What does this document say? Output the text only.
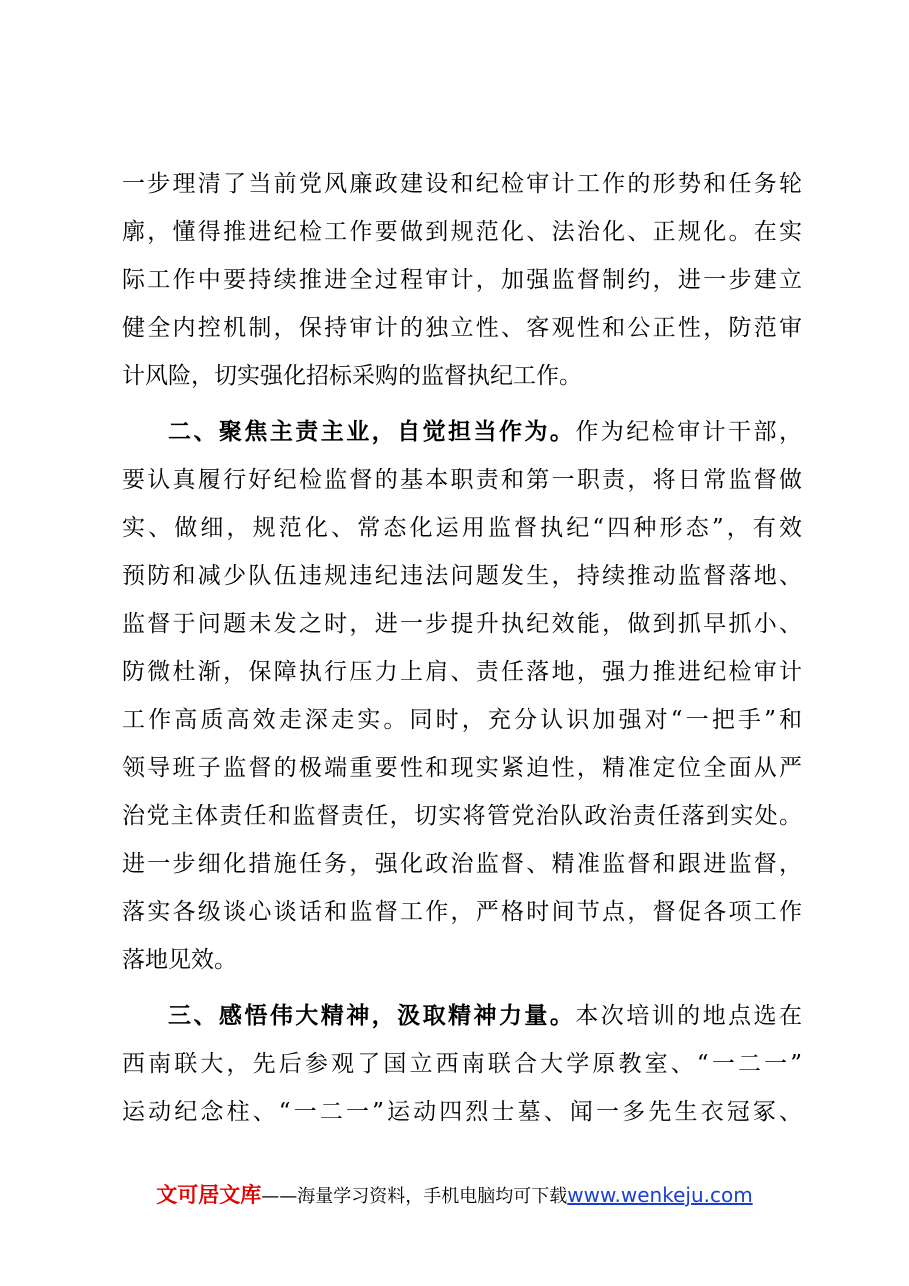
一步理清了当前党风廉政建设和纪检审计工作的形势和任务轮
廓，懂得推进纪检工作要做到规范化、法治化、正规化。在实
际工作中要持续推进全过程审计，加强监督制约，进一步建立
健全内控机制，保持审计的独立性、客观性和公正性，防范审
计风险，切实强化招标采购的监督执纪工作。
二、聚焦主责主业，自觉担当作为。作为纪检审计干部，
要认真履行好纪检监督的基本职责和第一职责，将日常监督做
实、做细，规范化、常态化运用监督执纪“四种形态”，有效
预防和减少队伍违规违纪违法问题发生，持续推动监督落地、
监督于问题未发之时，进一步提升执纪效能，做到抓早抓小、
防微杜渐，保障执行压力上肩、责任落地，强力推进纪检审计
工作高质高效走深走实。同时，充分认识加强对“一把手”和
领导班子监督的极端重要性和现实紧迫性，精准定位全面从严
治党主体责任和监督责任，切实将管党治队政治责任落到实处。
进一步细化措施任务，强化政治监督、精准监督和跟进监督，
落实各级谈心谈话和监督工作，严格时间节点，督促各项工作
落地见效。
三、感悟伟大精神，汲取精神力量。本次培训的地点选在
西南联大，先后参观了国立西南联合大学原教室、“一二一”
运动纪念柱、“一二一”运动四烈士墓、闻一多先生衣冠冢、
文可居文库——海量学习资料，手机电脑均可下载www.wenkeju.com
